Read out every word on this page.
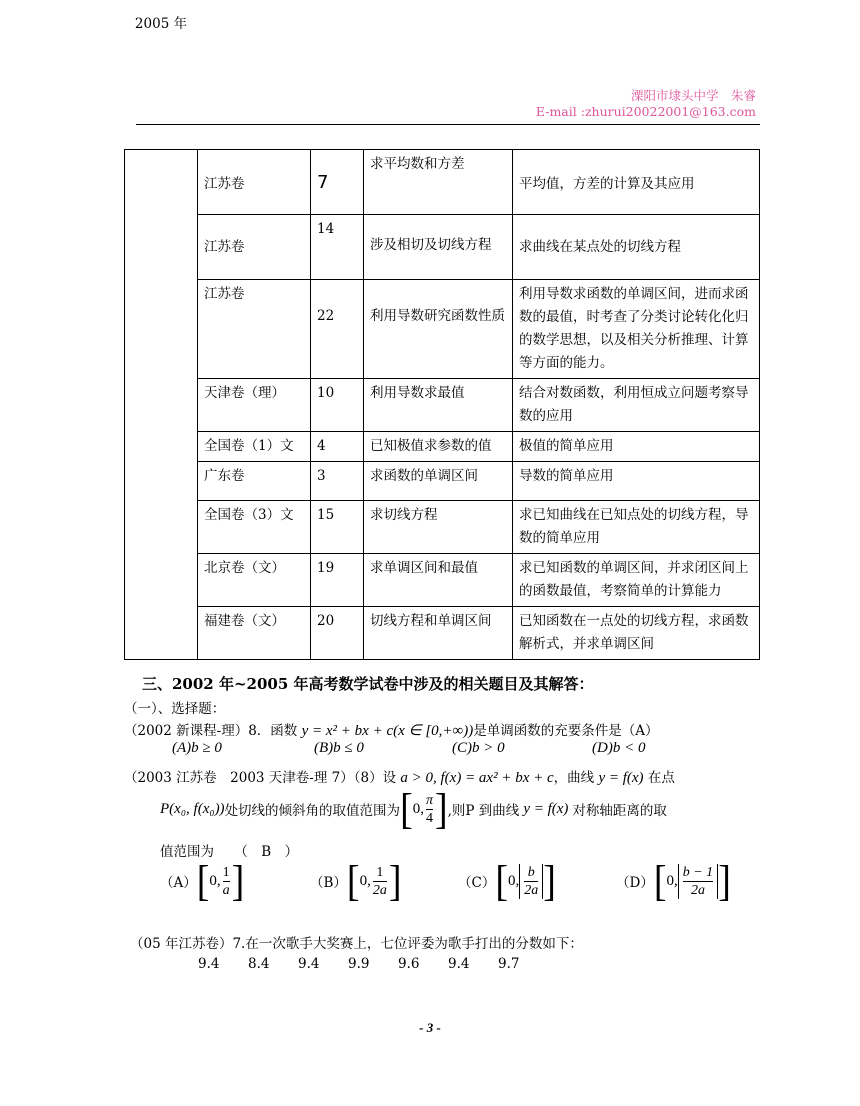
溧阳市埭头中学　朱睿
E-mail :zhurui20022001@163.com
2005 年	江苏卷	7	求平均数和方差	平均值，方差的计算及其应用

	江苏卷	14	涉及相切及切线方程	求曲线在某点处的切线方程

	江苏卷	22	利用导数研究函数性质	利用导数求函数的单调区间，进而求函数的最值，时考查了分类讨论转化化归的数学思想，以及相关分析推理、计算等方面的能力。
	天津卷（理）	10	利用导数求最值	结合对数函数，利用恒成立问题考察导数的应用
	全国卷（1）文	4	已知极值求参数的值	极值的简单应用
	广东卷	3	求函数的单调区间	导数的简单应用
	全国卷（3）文	15	求切线方程	求已知曲线在已知点处的切线方程，导数的简单应用
	北京卷（文）	19	求单调区间和最值	求已知函数的单调区间，并求闭区间上的函数最值，考察简单的计算能力
	福建卷（文）	20	切线方程和单调区间	已知函数在一点处的切线方程，求函数解析式，并求单调区间
三、2002 年~2005 年高考数学试卷中涉及的相关题目及其解答：
（一）、选择题：
（2002 新课程-理）8．函数 y = x² + bx + c(x ∈ [0,+∞))是单调函数的充要条件是（A）
(A)b ≥ 0	(B)b ≤ 0	(C)b > 0	(D)b < 0
（2003 江苏卷　2003 天津卷-理 7）（8）设 a > 0, f(x) = ax² + bx + c，曲线 y = f(x) 在点
P(x₀, f(x₀)) 处切线的倾斜角的取值范围为 [ 0, $\frac{\pi}{4}$ ] ,则P 到曲线 y = f(x) 对称轴距离的取
值范围为　　（　B　）
（A） [ 0, $\frac{1}{a}$ ]	（B） [ 0, $\frac{1}{2a}$ ]	（C） [ 0, $\frac{b}{2a}$ ]	（D） [ 0, $\frac{b - 1}{2a}$ ]
（05 年江苏卷）7.在一次歌手大奖赛上，七位评委为歌手打出的分数如下：
9.4 8.4 9.4 9.9 9.6 9.4 9.7
- 3 -
